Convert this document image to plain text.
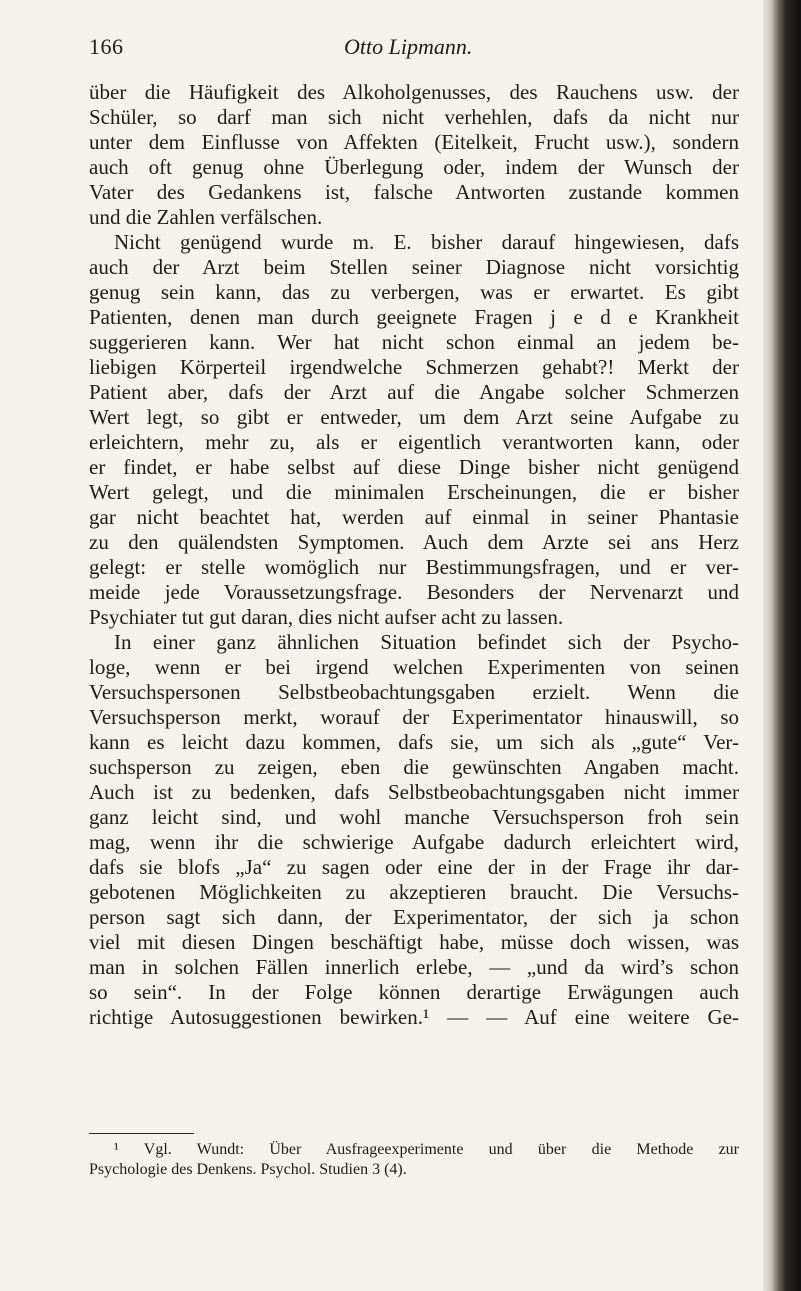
166	Otto Lipmann.
über die Häufigkeit des Alkoholgenusses, des Rauchens usw. der
Schüler, so darf man sich nicht verhehlen, dafs da nicht nur
unter dem Einflusse von Affekten (Eitelkeit, Frucht usw.), sondern
auch oft genug ohne Überlegung oder, indem der Wunsch der
Vater des Gedankens ist, falsche Antworten zustande kommen
und die Zahlen verfälschen.
Nicht genügend wurde m. E. bisher darauf hingewiesen, dafs
auch der Arzt beim Stellen seiner Diagnose nicht vorsichtig
genug sein kann, das zu verbergen, was er erwartet. Es gibt
Patienten, denen man durch geeignete Fragen j e d e Krankheit
suggerieren kann. Wer hat nicht schon einmal an jedem be-
liebigen Körperteil irgendwelche Schmerzen gehabt?! Merkt der
Patient aber, dafs der Arzt auf die Angabe solcher Schmerzen
Wert legt, so gibt er entweder, um dem Arzt seine Aufgabe zu
erleichtern, mehr zu, als er eigentlich verantworten kann, oder
er findet, er habe selbst auf diese Dinge bisher nicht genügend
Wert gelegt, und die minimalen Erscheinungen, die er bisher
gar nicht beachtet hat, werden auf einmal in seiner Phantasie
zu den quälendsten Symptomen. Auch dem Arzte sei ans Herz
gelegt: er stelle womöglich nur Bestimmungsfragen, und er ver-
meide jede Voraussetzungsfrage. Besonders der Nervenarzt und
Psychiater tut gut daran, dies nicht aufser acht zu lassen.
In einer ganz ähnlichen Situation befindet sich der Psycho-
loge, wenn er bei irgend welchen Experimenten von seinen
Versuchspersonen Selbstbeobachtungsgaben erzielt. Wenn die
Versuchsperson merkt, worauf der Experimentator hinauswill, so
kann es leicht dazu kommen, dafs sie, um sich als „gute“ Ver-
suchsperson zu zeigen, eben die gewünschten Angaben macht.
Auch ist zu bedenken, dafs Selbstbeobachtungsgaben nicht immer
ganz leicht sind, und wohl manche Versuchsperson froh sein
mag, wenn ihr die schwierige Aufgabe dadurch erleichtert wird,
dafs sie blofs „Ja“ zu sagen oder eine der in der Frage ihr dar-
gebotenen Möglichkeiten zu akzeptieren braucht. Die Versuchs-
person sagt sich dann, der Experimentator, der sich ja schon
viel mit diesen Dingen beschäftigt habe, müsse doch wissen, was
man in solchen Fällen innerlich erlebe, — „und da wird’s schon
so sein“. In der Folge können derartige Erwägungen auch
richtige Autosuggestionen bewirken.¹ — — Auf eine weitere Ge-
¹ Vgl. Wundt: Über Ausfrageexperimente und über die Methode zur
Psychologie des Denkens. Psychol. Studien 3 (4).
